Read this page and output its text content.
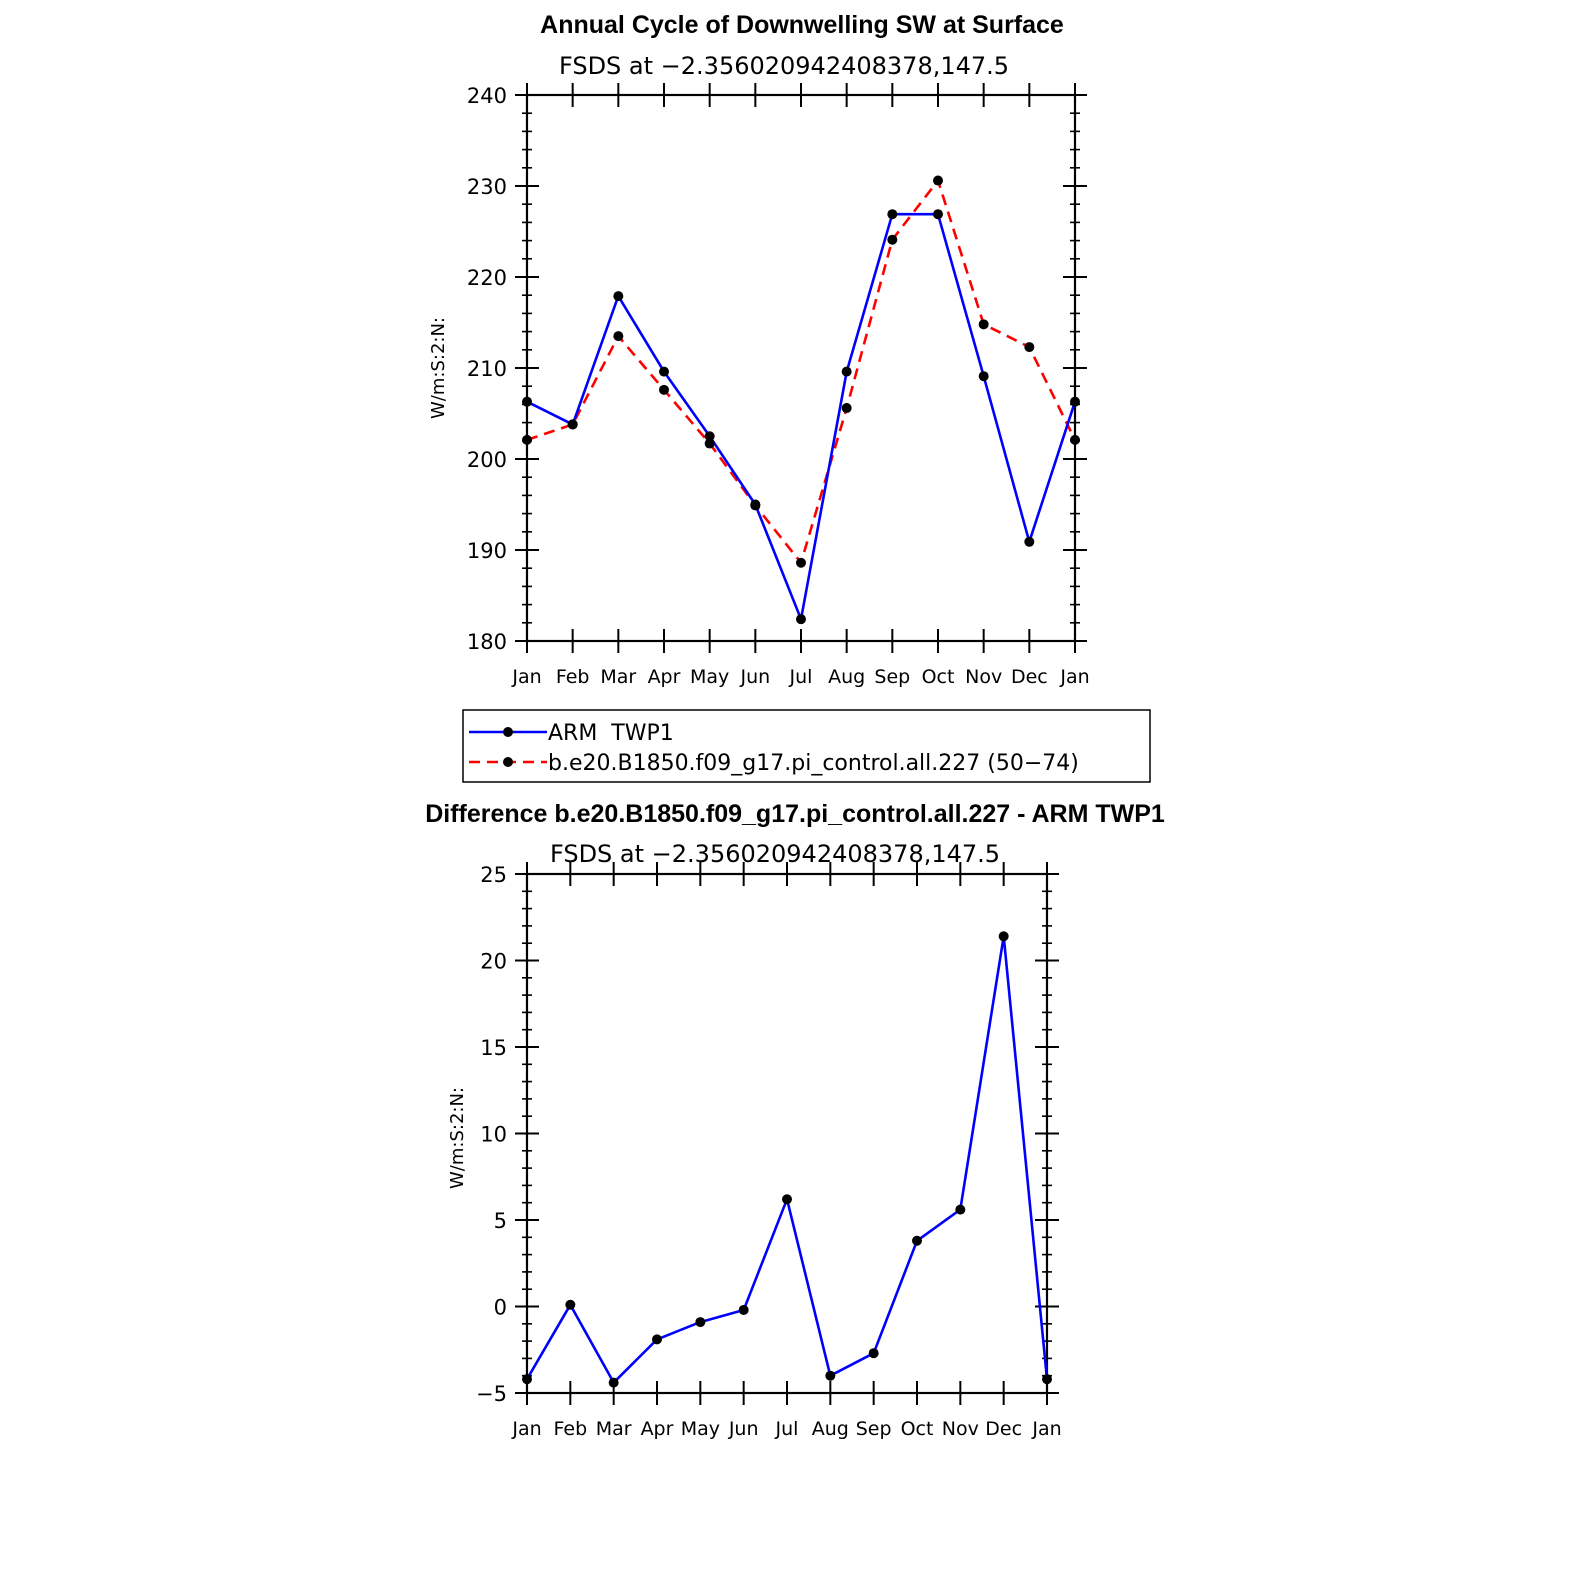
Annual Cycle of Downwelling SW at Surface
FSDS at −2.356020942408378,147.5
W/m:S:2:N:
180
190
200
210
220
230
240
Jan Feb Mar Apr May Jun Jul Aug Sep Oct Nov Dec Jan
ARM  TWP1
b.e20.B1850.f09_g17.pi_control.all.227 (50−74)
Difference b.e20.B1850.f09_g17.pi_control.all.227 - ARM TWP1
FSDS at −2.356020942408378,147.5
W/m:S:2:N:
−5
0
5
10
15
20
25
Jan Feb Mar Apr May Jun Jul Aug Sep Oct Nov Dec Jan
